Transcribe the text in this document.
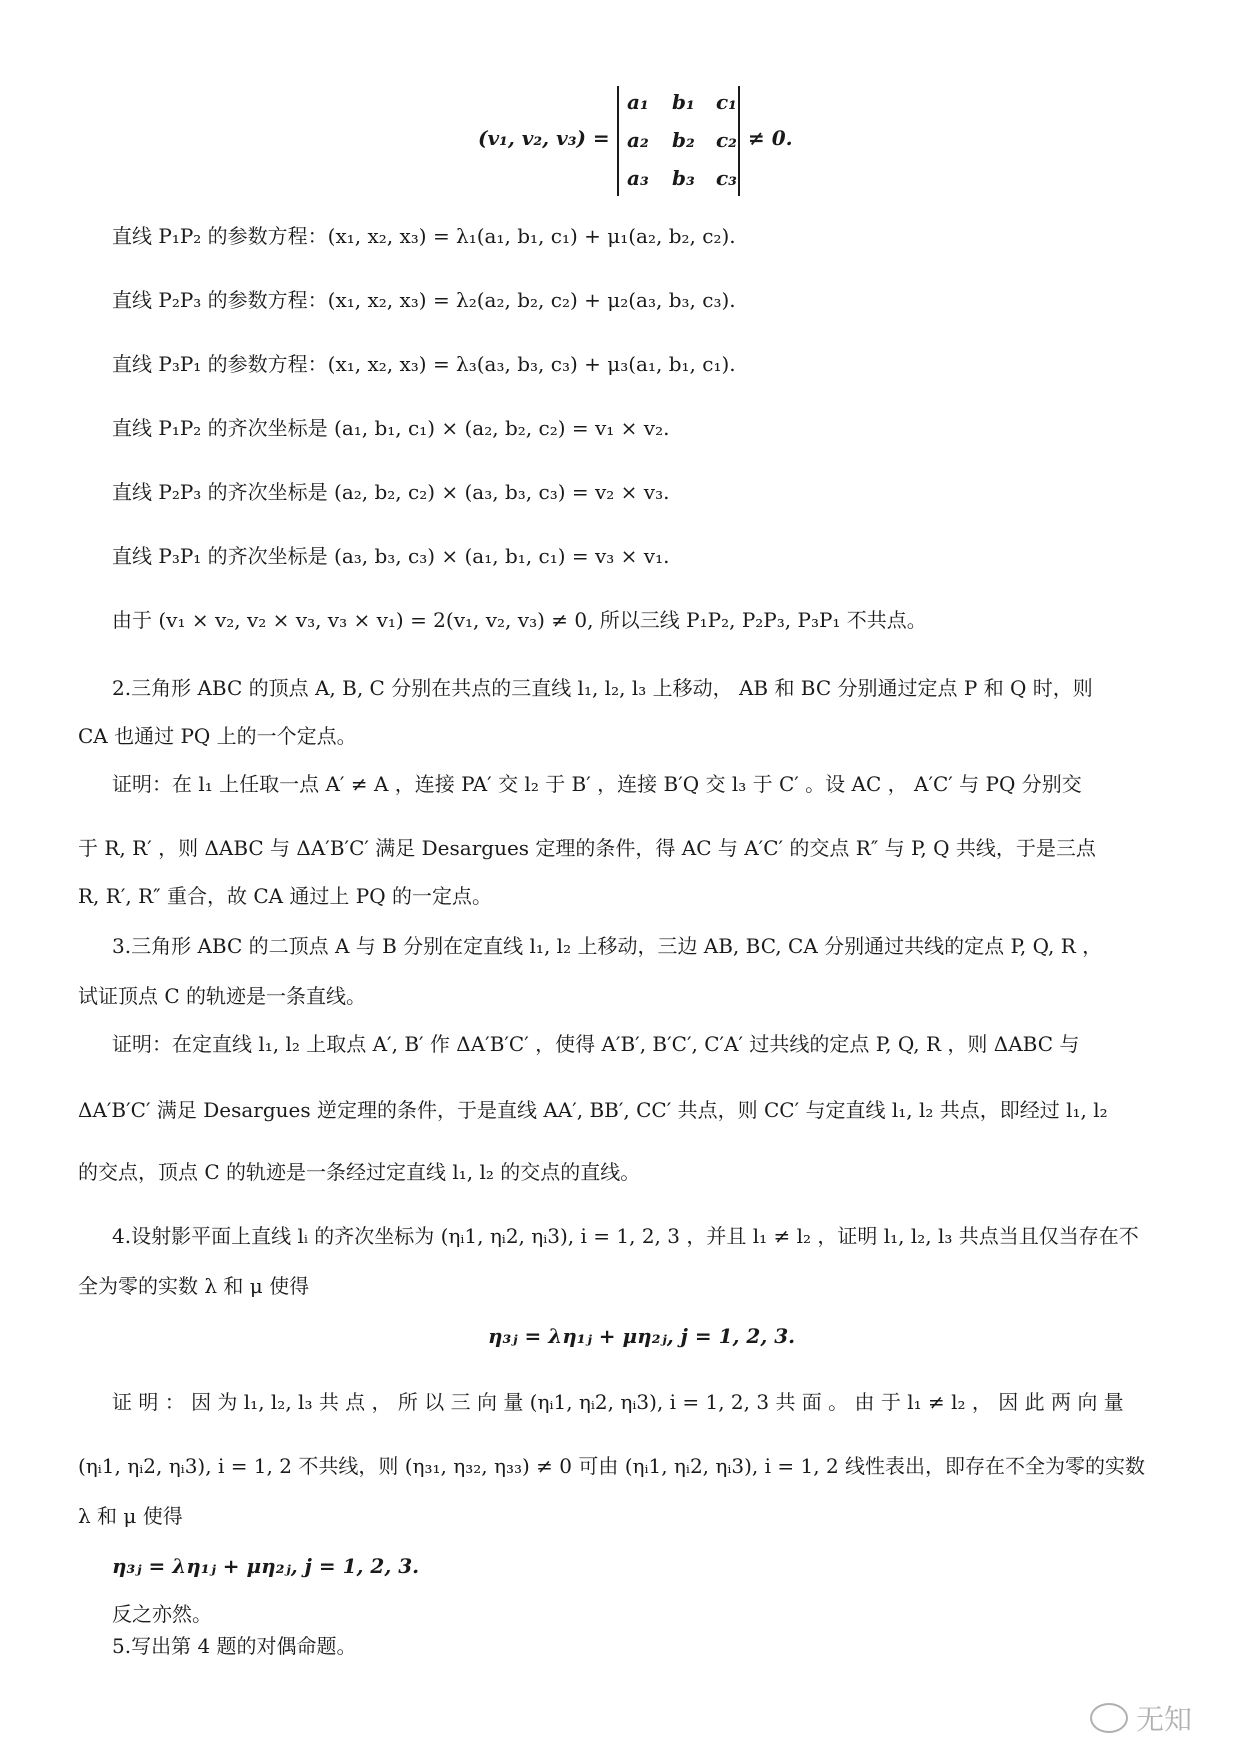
(v₁, v₂, v₃) =
a₁ b₁ c₁
a₂ b₂ c₂
a₃ b₃ c₃
≠ 0.
直线 P₁P₂ 的参数方程：(x₁, x₂, x₃) = λ₁(a₁, b₁, c₁) + μ₁(a₂, b₂, c₂).
直线 P₂P₃ 的参数方程：(x₁, x₂, x₃) = λ₂(a₂, b₂, c₂) + μ₂(a₃, b₃, c₃).
直线 P₃P₁ 的参数方程：(x₁, x₂, x₃) = λ₃(a₃, b₃, c₃) + μ₃(a₁, b₁, c₁).
直线 P₁P₂ 的齐次坐标是 (a₁, b₁, c₁) × (a₂, b₂, c₂) = v₁ × v₂.
直线 P₂P₃ 的齐次坐标是 (a₂, b₂, c₂) × (a₃, b₃, c₃) = v₂ × v₃.
直线 P₃P₁ 的齐次坐标是 (a₃, b₃, c₃) × (a₁, b₁, c₁) = v₃ × v₁.
由于 (v₁ × v₂, v₂ × v₃, v₃ × v₁) = 2(v₁, v₂, v₃) ≠ 0, 所以三线 P₁P₂, P₂P₃, P₃P₁ 不共点。
2.三角形 ABC 的顶点 A, B, C 分别在共点的三直线 l₁, l₂, l₃ 上移动， AB 和 BC 分别通过定点 P 和 Q 时，则
CA 也通过 PQ 上的一个定点。
证明：在 l₁ 上任取一点 A′ ≠ A ，连接 PA′ 交 l₂ 于 B′ ，连接 B′Q 交 l₃ 于 C′ 。设 AC ， A′C′ 与 PQ 分别交
于 R, R′ ，则 ΔABC 与 ΔA′B′C′ 满足 Desargues 定理的条件，得 AC 与 A′C′ 的交点 R″ 与 P, Q 共线，于是三点
R, R′, R″ 重合，故 CA 通过上 PQ 的一定点。
3.三角形 ABC 的二顶点 A 与 B 分别在定直线 l₁, l₂ 上移动，三边 AB, BC, CA 分别通过共线的定点 P, Q, R ，
试证顶点 C 的轨迹是一条直线。
证明：在定直线 l₁, l₂ 上取点 A′, B′ 作 ΔA′B′C′ ，使得 A′B′, B′C′, C′A′ 过共线的定点 P, Q, R ，则 ΔABC 与
ΔA′B′C′ 满足 Desargues 逆定理的条件，于是直线 AA′, BB′, CC′ 共点，则 CC′ 与定直线 l₁, l₂ 共点，即经过 l₁, l₂
的交点，顶点 C 的轨迹是一条经过定直线 l₁, l₂ 的交点的直线。
4.设射影平面上直线 lᵢ 的齐次坐标为 (ηᵢ1, ηᵢ2, ηᵢ3), i = 1, 2, 3 ，并且 l₁ ≠ l₂ ，证明 l₁, l₂, l₃ 共点当且仅当存在不
全为零的实数 λ 和 μ 使得
η₃ⱼ = λη₁ⱼ + μη₂ⱼ, j = 1, 2, 3.
证 明 ： 因 为 l₁, l₂, l₃ 共 点 ， 所 以 三 向 量 (ηᵢ1, ηᵢ2, ηᵢ3), i = 1, 2, 3 共 面 。 由 于 l₁ ≠ l₂ ， 因 此 两 向 量
(ηᵢ1, ηᵢ2, ηᵢ3), i = 1, 2 不共线，则 (η₃₁, η₃₂, η₃₃) ≠ 0 可由 (ηᵢ1, ηᵢ2, ηᵢ3), i = 1, 2 线性表出，即存在不全为零的实数
λ 和 μ 使得
η₃ⱼ = λη₁ⱼ + μη₂ⱼ, j = 1, 2, 3.
反之亦然。
5.写出第 4 题的对偶命题。
无知
